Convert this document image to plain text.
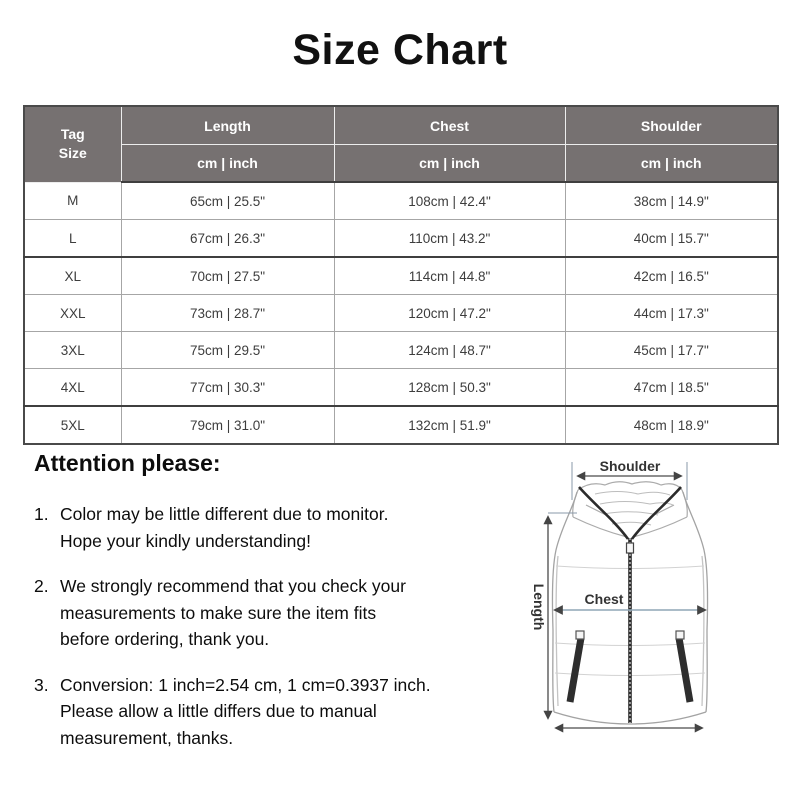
Size Chart
Tag
Size	Length	Chest	Shoulder
	cm | inch	cm | inch	cm | inch
M	65cm | 25.5"	108cm | 42.4"	38cm | 14.9"
L	67cm | 26.3"	110cm | 43.2"	40cm | 15.7"
XL	70cm | 27.5"	114cm | 44.8"	42cm | 16.5"
XXL	73cm | 28.7"	120cm | 47.2"	44cm | 17.3"
3XL	75cm | 29.5"	124cm | 48.7"	45cm | 17.7"
4XL	77cm | 30.3"	128cm | 50.3"	47cm | 18.5"
5XL	79cm | 31.0"	132cm | 51.9"	48cm | 18.9"
Attention please:
1. Color may be little different due to monitor.
Hope your kindly understanding!
2. We strongly recommend that you check your
measurements to make sure the item fits
before ordering, thank you.
3. Conversion: 1 inch=2.54 cm, 1 cm=0.3937 inch.
Please allow a little differs due to manual
measurement, thanks.
Shoulder
Length	Chest
